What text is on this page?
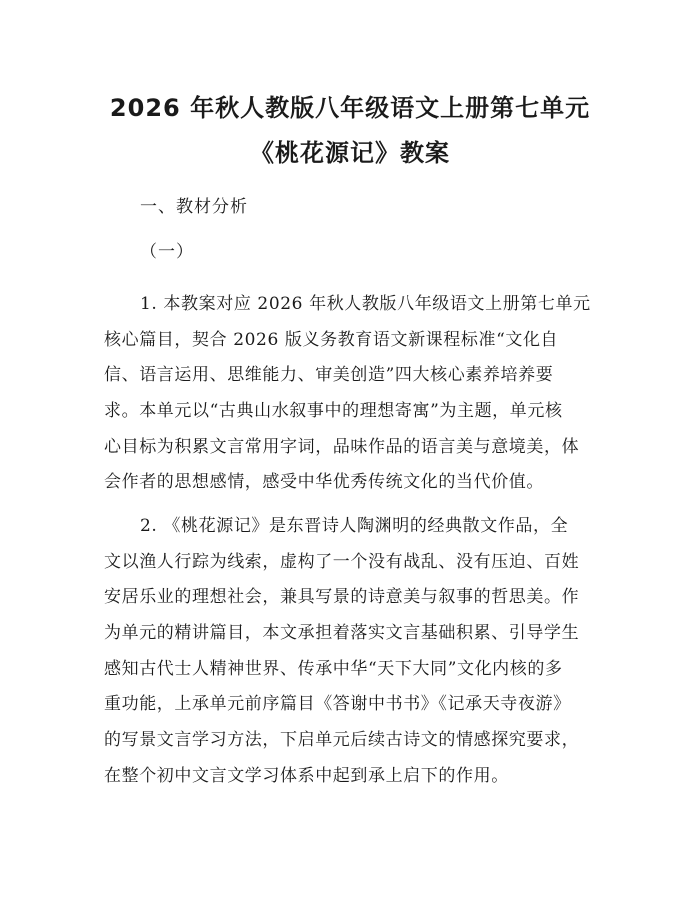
2026 年秋人教版八年级语文上册第七单元
《桃花源记》教案
一、教材分析
（一）
1. 本教案对应 2026 年秋人教版八年级语文上册第七单元
核心篇目，契合 2026 版义务教育语文新课程标准“文化自
信、语言运用、思维能力、审美创造”四大核心素养培养要
求。本单元以“古典山水叙事中的理想寄寓”为主题，单元核
心目标为积累文言常用字词，品味作品的语言美与意境美，体
会作者的思想感情，感受中华优秀传统文化的当代价值。
2. 《桃花源记》是东晋诗人陶渊明的经典散文作品，全
文以渔人行踪为线索，虚构了一个没有战乱、没有压迫、百姓
安居乐业的理想社会，兼具写景的诗意美与叙事的哲思美。作
为单元的精讲篇目，本文承担着落实文言基础积累、引导学生
感知古代士人精神世界、传承中华“天下大同”文化内核的多
重功能，上承单元前序篇目《答谢中书书》《记承天寺夜游》
的写景文言学习方法，下启单元后续古诗文的情感探究要求，
在整个初中文言文学习体系中起到承上启下的作用。
